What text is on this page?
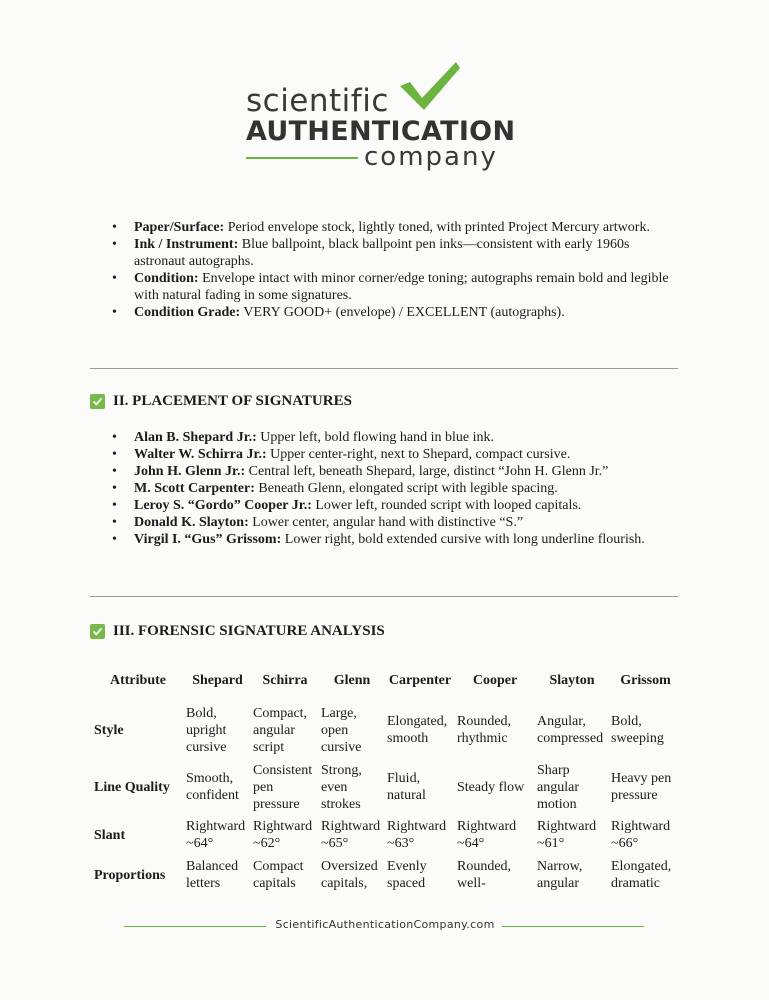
scientific
AUTHENTICATION
company
• Paper/Surface: Period envelope stock, lightly toned, with printed Project Mercury artwork.
• Ink / Instrument: Blue ballpoint, black ballpoint pen inks—consistent with early 1960s astronaut autographs.
• Condition: Envelope intact with minor corner/edge toning; autographs remain bold and legible with natural fading in some signatures.
• Condition Grade: VERY GOOD+ (envelope) / EXCELLENT (autographs).
II. PLACEMENT OF SIGNATURES
• Alan B. Shepard Jr.: Upper left, bold flowing hand in blue ink.
• Walter W. Schirra Jr.: Upper center-right, next to Shepard, compact cursive.
• John H. Glenn Jr.: Central left, beneath Shepard, large, distinct “John H. Glenn Jr.”
• M. Scott Carpenter: Beneath Glenn, elongated script with legible spacing.
• Leroy S. “Gordo” Cooper Jr.: Lower left, rounded script with looped capitals.
• Donald K. Slayton: Lower center, angular hand with distinctive “S.”
• Virgil I. “Gus” Grissom: Lower right, bold extended cursive with long underline flourish.
III. FORENSIC SIGNATURE ANALYSIS
Attribute	Shepard	Schirra	Glenn	Carpenter	Cooper	Slayton	Grissom
Style	Bold, upright cursive	Compact, angular script	Large, open cursive	Elongated, smooth	Rounded, rhythmic	Angular, compressed	Bold, sweeping
Line Quality	Smooth, confident	Consistent pen pressure	Strong, even strokes	Fluid, natural	Steady flow	Sharp angular motion	Heavy pen pressure
Slant	Rightward ~64°	Rightward ~62°	Rightward ~65°	Rightward ~63°	Rightward ~64°	Rightward ~61°	Rightward ~66°
Proportions	Balanced letters	Compact capitals	Oversized capitals,	Evenly spaced	Rounded, well-	Narrow, angular	Elongated, dramatic
ScientificAuthenticationCompany.com
